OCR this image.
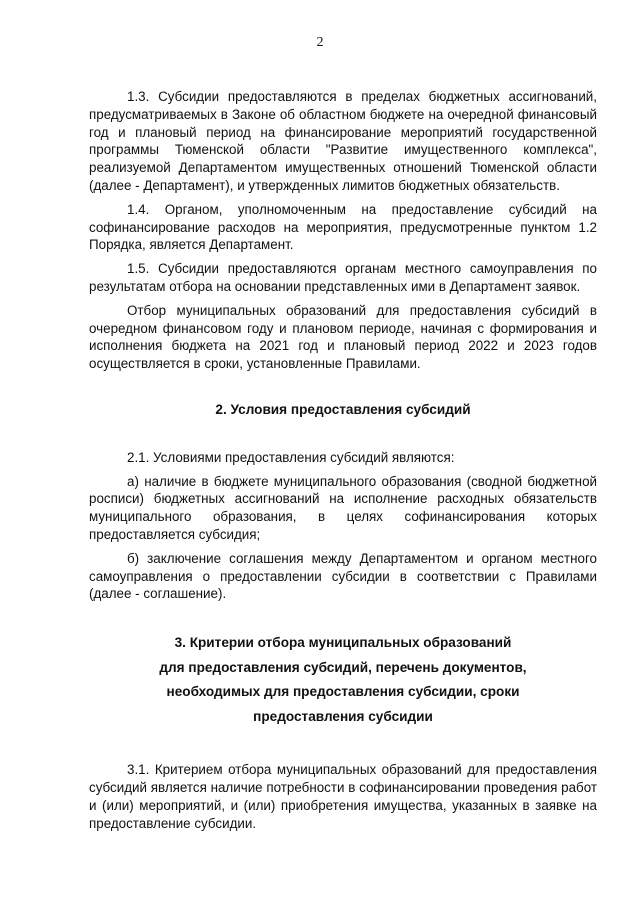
2

1.3. Субсидии предоставляются в пределах бюджетных ассигнований, предусматриваемых в Законе об областном бюджете на очередной финансовый год и плановый период на финансирование мероприятий государственной программы Тюменской области "Развитие имущественного комплекса", реализуемой Департаментом имущественных отношений Тюменской области (далее - Департамент), и утвержденных лимитов бюджетных обязательств.

1.4. Органом, уполномоченным на предоставление субсидий на софинансирование расходов на мероприятия, предусмотренные пунктом 1.2 Порядка, является Департамент.

1.5. Субсидии предоставляются органам местного самоуправления по результатам отбора на основании представленных ими в Департамент заявок.

Отбор муниципальных образований для предоставления субсидий в очередном финансовом году и плановом периоде, начиная с формирования и исполнения бюджета на 2021 год и плановый период 2022 и 2023 годов осуществляется в сроки, установленные Правилами.

2. Условия предоставления субсидий

2.1. Условиями предоставления субсидий являются:

а) наличие в бюджете муниципального образования (сводной бюджетной росписи) бюджетных ассигнований на исполнение расходных обязательств муниципального образования, в целях софинансирования которых предоставляется субсидия;

б) заключение соглашения между Департаментом и органом местного самоуправления о предоставлении субсидии в соответствии с Правилами (далее - соглашение).

3. Критерии отбора муниципальных образований
для предоставления субсидий, перечень документов,
необходимых для предоставления субсидии, сроки
предоставления субсидии

3.1. Критерием отбора муниципальных образований для предоставления субсидий является наличие потребности в софинансировании проведения работ и (или) мероприятий, и (или) приобретения имущества, указанных в заявке на предоставление субсидии.
